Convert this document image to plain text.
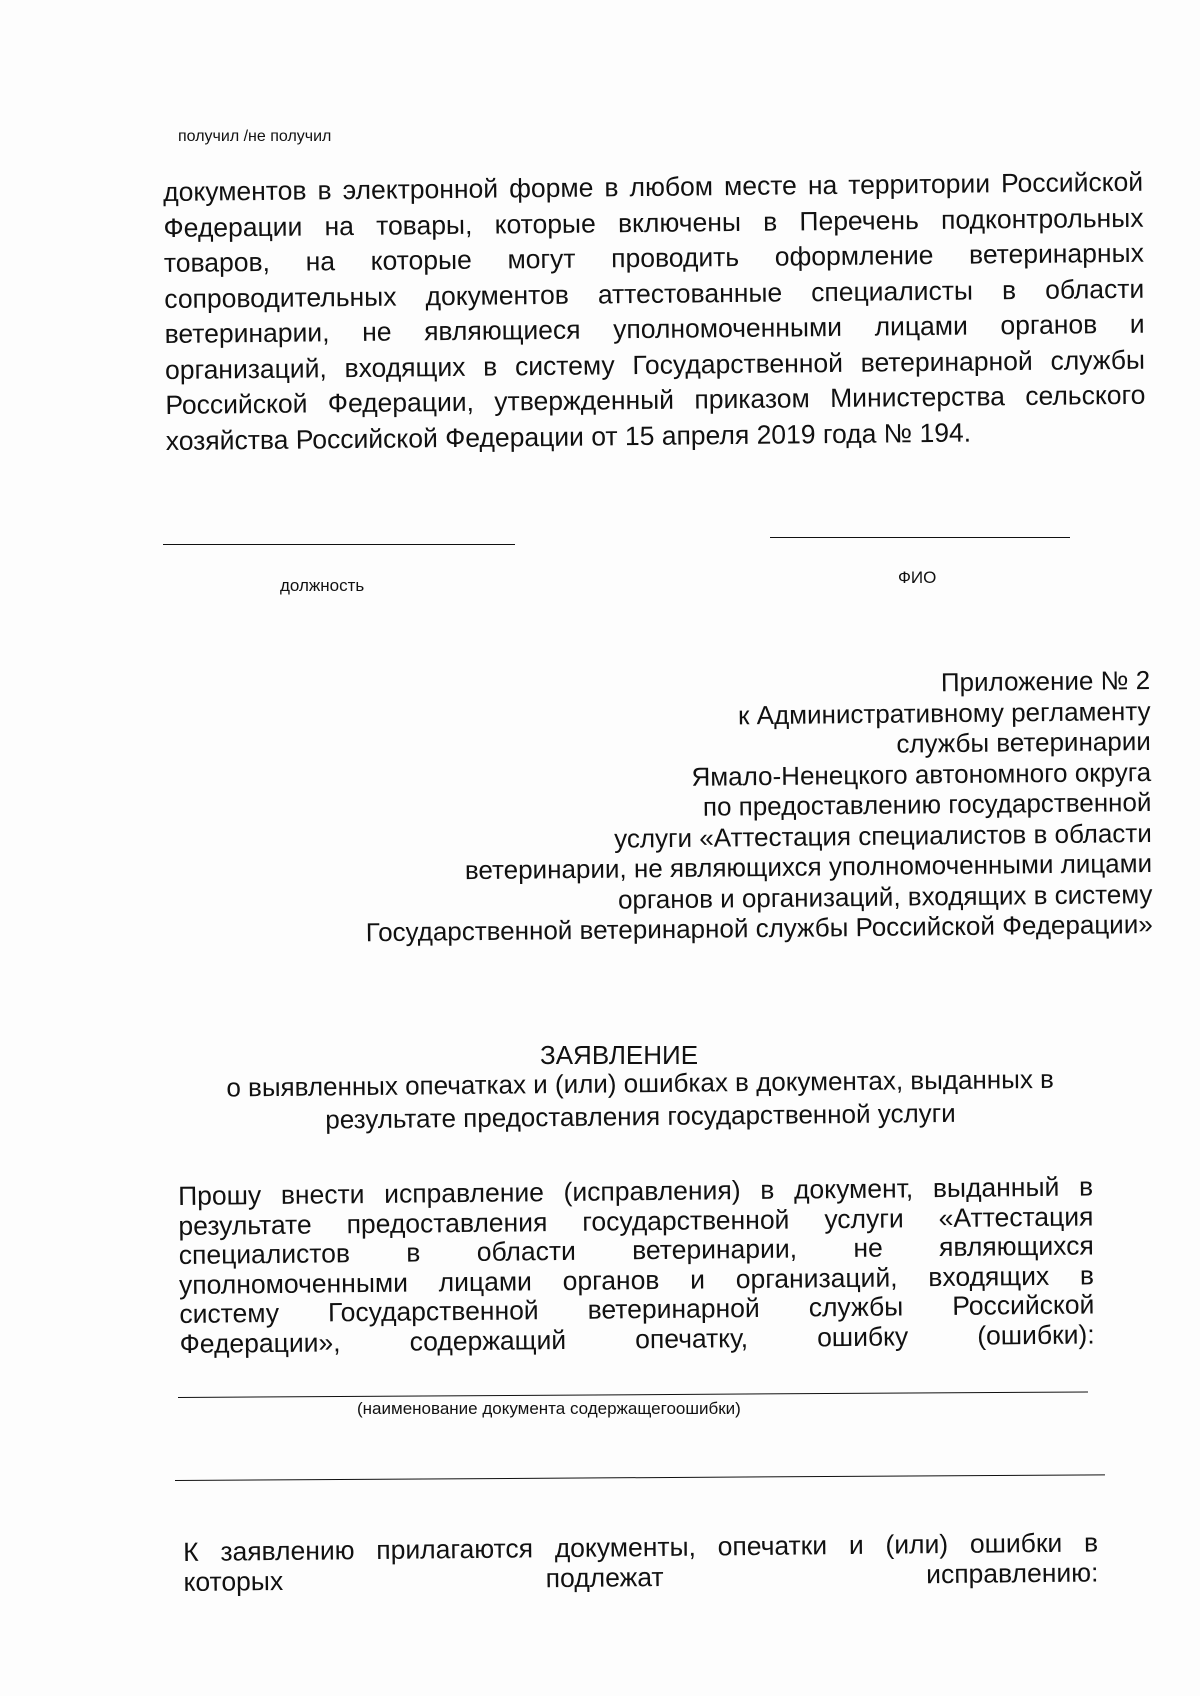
получил /не получил
документов в электронной форме в любом месте на территории Российской Федерации на товары, которые включены в Перечень подконтрольных товаров, на которые могут проводить оформление ветеринарных сопроводительных документов аттестованные специалисты в области ветеринарии, не являющиеся уполномоченными лицами органов и организаций, входящих в систему Государственной ветеринарной службы Российской Федерации, утвержденный приказом Министерства сельского хозяйства Российской Федерации от 15 апреля 2019 года № 194.
должность	ФИО
Приложение № 2
к Административному регламенту
службы ветеринарии
Ямало-Ненецкого автономного округа
по предоставлению государственной
услуги «Аттестация специалистов в области
ветеринарии, не являющихся уполномоченными лицами
органов и организаций, входящих в систему
Государственной ветеринарной службы Российской Федерации»
ЗАЯВЛЕНИЕ
о выявленных опечатках и (или) ошибках в документах, выданных в
результате предоставления государственной услуги
Прошу внести исправление (исправления) в документ, выданный в
результате предоставления государственной услуги «Аттестация
специалистов в области ветеринарии, не являющихся
уполномоченными лицами органов и организаций, входящих в
систему Государственной ветеринарной службы Российской
Федерации», содержащий опечатку, ошибку (ошибки):
(наименование документа содержащегоошибки)
К заявлению прилагаются документы, опечатки и (или) ошибки в
которых подлежат исправлению:
